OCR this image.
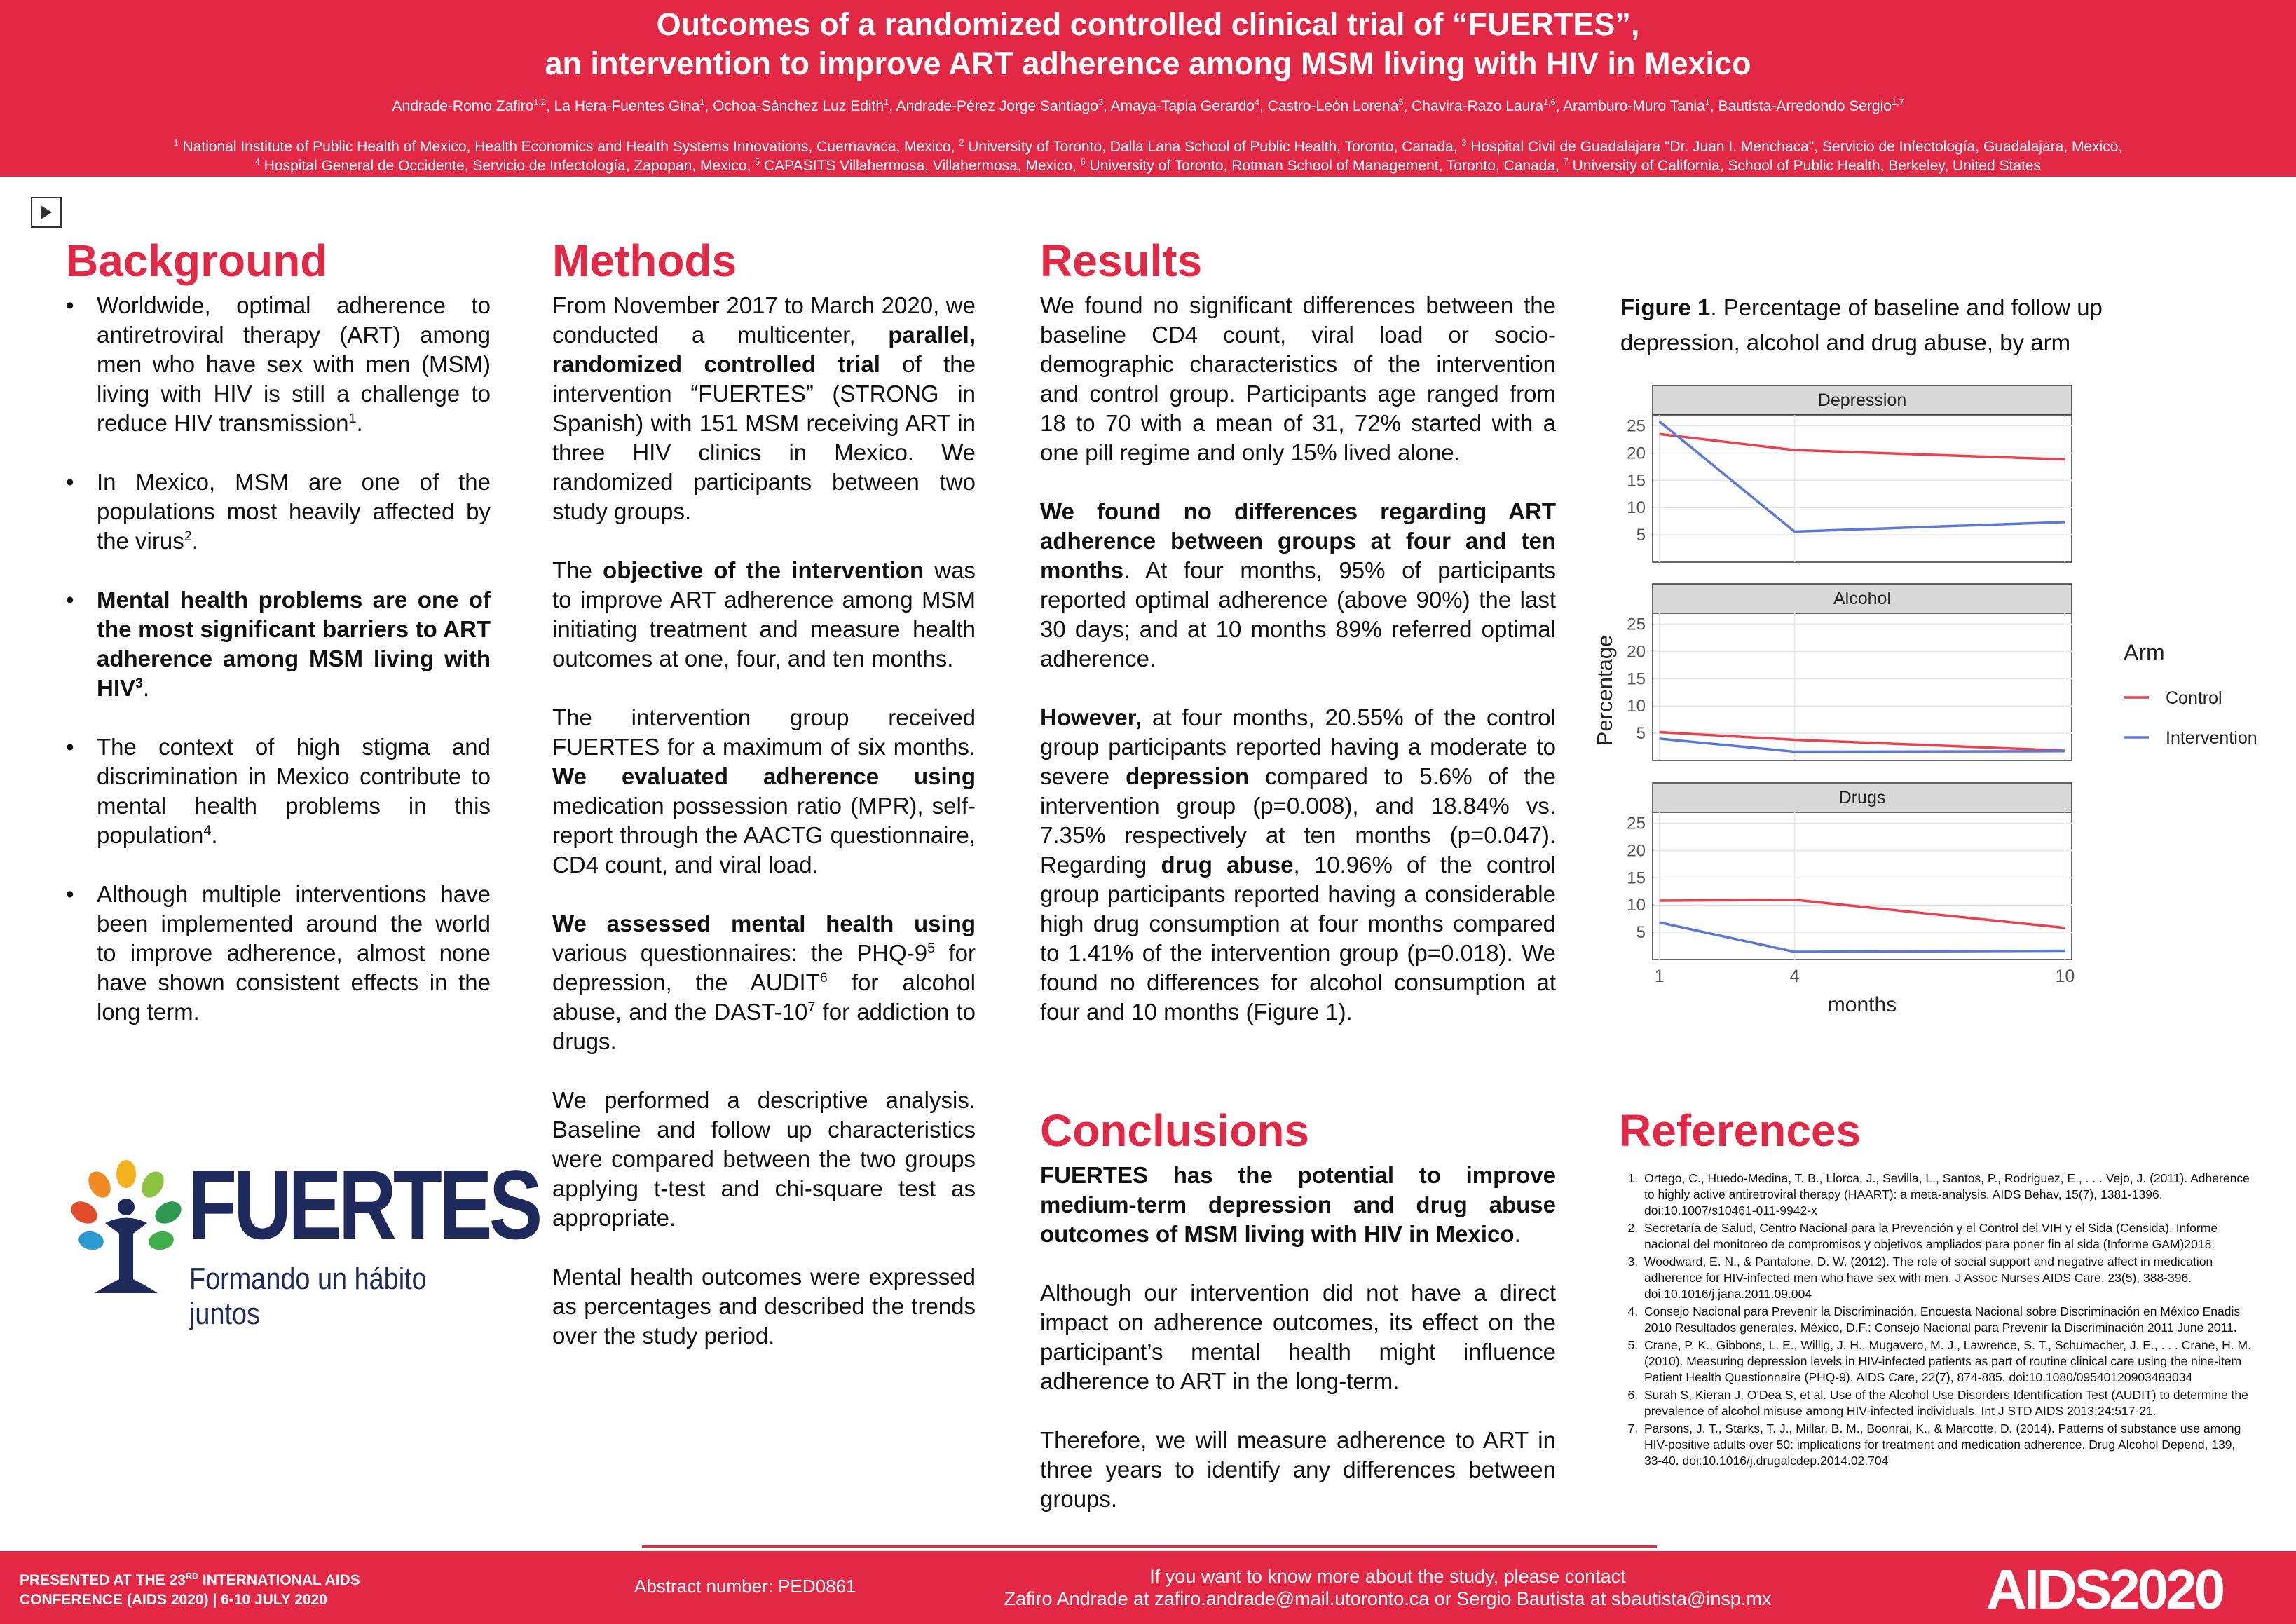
Outcomes of a randomized controlled clinical trial of “FUERTES”,
an intervention to improve ART adherence among MSM living with HIV in Mexico
Andrade-Romo Zafiro$^{1,2}$, La Hera-Fuentes Gina$^1$, Ochoa-Sánchez Luz Edith$^1$, Andrade-Pérez Jorge Santiago$^3$, Amaya-Tapia Gerardo$^4$, Castro-León Lorena$^5$, Chavira-Razo Laura$^{1,6}$, Aramburo-Muro Tania$^1$, Bautista-Arredondo Sergio$^{1,7}$
$^1$ National Institute of Public Health of Mexico, Health Economics and Health Systems Innovations, Cuernavaca, Mexico, $^2$ University of Toronto, Dalla Lana School of Public Health, Toronto, Canada, $^3$ Hospital Civil de Guadalajara "Dr. Juan I. Menchaca", Servicio de Infectología, Guadalajara, Mexico,
$^4$ Hospital General de Occidente, Servicio de Infectología, Zapopan, Mexico, $^5$ CAPASITS Villahermosa, Villahermosa, Mexico, $^6$ University of Toronto, Rotman School of Management, Toronto, Canada, $^7$ University of California, School of Public Health, Berkeley, United States
Background
• Worldwide, optimal adherence to antiretroviral therapy (ART) among men who have sex with men (MSM) living with HIV is still a challenge to reduce HIV transmission$^1$.
• In Mexico, MSM are one of the populations most heavily affected by the virus$^2$.
• Mental health problems are one of the most significant barriers to ART adherence among MSM living with HIV$^3$.
• The context of high stigma and discrimination in Mexico contribute to mental health problems in this population$^4$.
• Although multiple interventions have been implemented around the world to improve adherence, almost none have shown consistent effects in the long term.
FUERTES
Formando un hábito juntos
Methods

From November 2017 to March 2020, we conducted a multicenter, parallel, randomized controlled trial of the intervention “FUERTES” (STRONG in Spanish) with 151 MSM receiving ART in three HIV clinics in Mexico. We randomized participants between two study groups.

The objective of the intervention was to improve ART adherence among MSM initiating treatment and measure health outcomes at one, four, and ten months.

The intervention group received FUERTES for a maximum of six months. We evaluated adherence using medication possession ratio (MPR), self-report through the AACTG questionnaire, CD4 count, and viral load.

We assessed mental health using various questionnaires: the PHQ-$9^5$ for depression, the AUDIT$^6$ for alcohol abuse, and the DAST-$10^7$ for addiction to drugs.

We performed a descriptive analysis. Baseline and follow up characteristics were compared between the two groups applying t-test and chi-square test as appropriate.

Mental health outcomes were expressed as percentages and described the trends over the study period.

Results

We found no significant differences between the baseline CD4 count, viral load or socio-demographic characteristics of the intervention and control group. Participants age ranged from 18 to 70 with a mean of 31, 72% started with a one pill regime and only 15% lived alone.

We found no differences regarding ART adherence between groups at four and ten months. At four months, 95% of participants reported optimal adherence (above 90%) the last 30 days; and at 10 months 89% referred optimal adherence.

However, at four months, 20.55% of the control group participants reported having a moderate to severe depression compared to 5.6% of the intervention group (p=0.008), and 18.84% vs. 7.35% respectively at ten months (p=0.047). Regarding drug abuse, 10.96% of the control group participants reported having a considerable high drug consumption at four months compared to 1.41% of the intervention group (p=0.018). We found no differences for alcohol consumption at four and 10 months (Figure 1).

Conclusions

FUERTES has the potential to improve medium-term depression and drug abuse outcomes of MSM living with HIV in Mexico.

Although our intervention did not have a direct impact on adherence outcomes, its effect on the participant’s mental health might influence adherence to ART in the long-term.

Therefore, we will measure adherence to ART in three years to identify any differences between groups.

Figure 1. Percentage of baseline and follow up depression, alcohol and drug abuse, by arm
Depression
5
10
15
20
25
Alcohol
5
10
15
20
25
Drugs
5
10
15
20
25
1	4	10
months
Percentage	Arm
Control
Intervention
References
1. Ortego, C., Huedo-Medina, T. B., Llorca, J., Sevilla, L., Santos, P., Rodriguez, E., . . . Vejo, J. (2011). Adherence to highly active antiretroviral therapy (HAART): a meta-analysis. AIDS Behav, 15(7), 1381-1396. doi:10.1007/s10461-011-9942-x
2. Secretaría de Salud, Centro Nacional para la Prevención y el Control del VIH y el Sida (Censida). Informe nacional del monitoreo de compromisos y objetivos ampliados para poner fin al sida (Informe GAM)2018.
3. Woodward, E. N., & Pantalone, D. W. (2012). The role of social support and negative affect in medication adherence for HIV-infected men who have sex with men. J Assoc Nurses AIDS Care, 23(5), 388-396. doi:10.1016/j.jana.2011.09.004
4. Consejo Nacional para Prevenir la Discriminación. Encuesta Nacional sobre Discriminación en México Enadis 2010 Resultados generales. México, D.F.: Consejo Nacional para Prevenir la Discriminación 2011 June 2011.
5. Crane, P. K., Gibbons, L. E., Willig, J. H., Mugavero, M. J., Lawrence, S. T., Schumacher, J. E., . . . Crane, H. M. (2010). Measuring depression levels in HIV-infected patients as part of routine clinical care using the nine-item Patient Health Questionnaire (PHQ-9). AIDS Care, 22(7), 874-885. doi:10.1080/09540120903483034
6. Surah S, Kieran J, O'Dea S, et al. Use of the Alcohol Use Disorders Identification Test (AUDIT) to determine the prevalence of alcohol misuse among HIV-infected individuals. Int J STD AIDS 2013;24:517-21.
7. Parsons, J. T., Starks, T. J., Millar, B. M., Boonrai, K., & Marcotte, D. (2014). Patterns of substance use among HIV-positive adults over 50: implications for treatment and medication adherence. Drug Alcohol Depend, 139, 33-40. doi:10.1016/j.drugalcdep.2014.02.704
PRESENTED AT THE 23RD INTERNATIONAL AIDS
CONFERENCE (AIDS 2020) | 6-10 JULY 2020
Abstract number: PED0861	If you want to know more about the study, please contact
Zafiro Andrade at zafiro.andrade@mail.utoronto.ca or Sergio Bautista at sbautista@insp.mx	AIDS2020
